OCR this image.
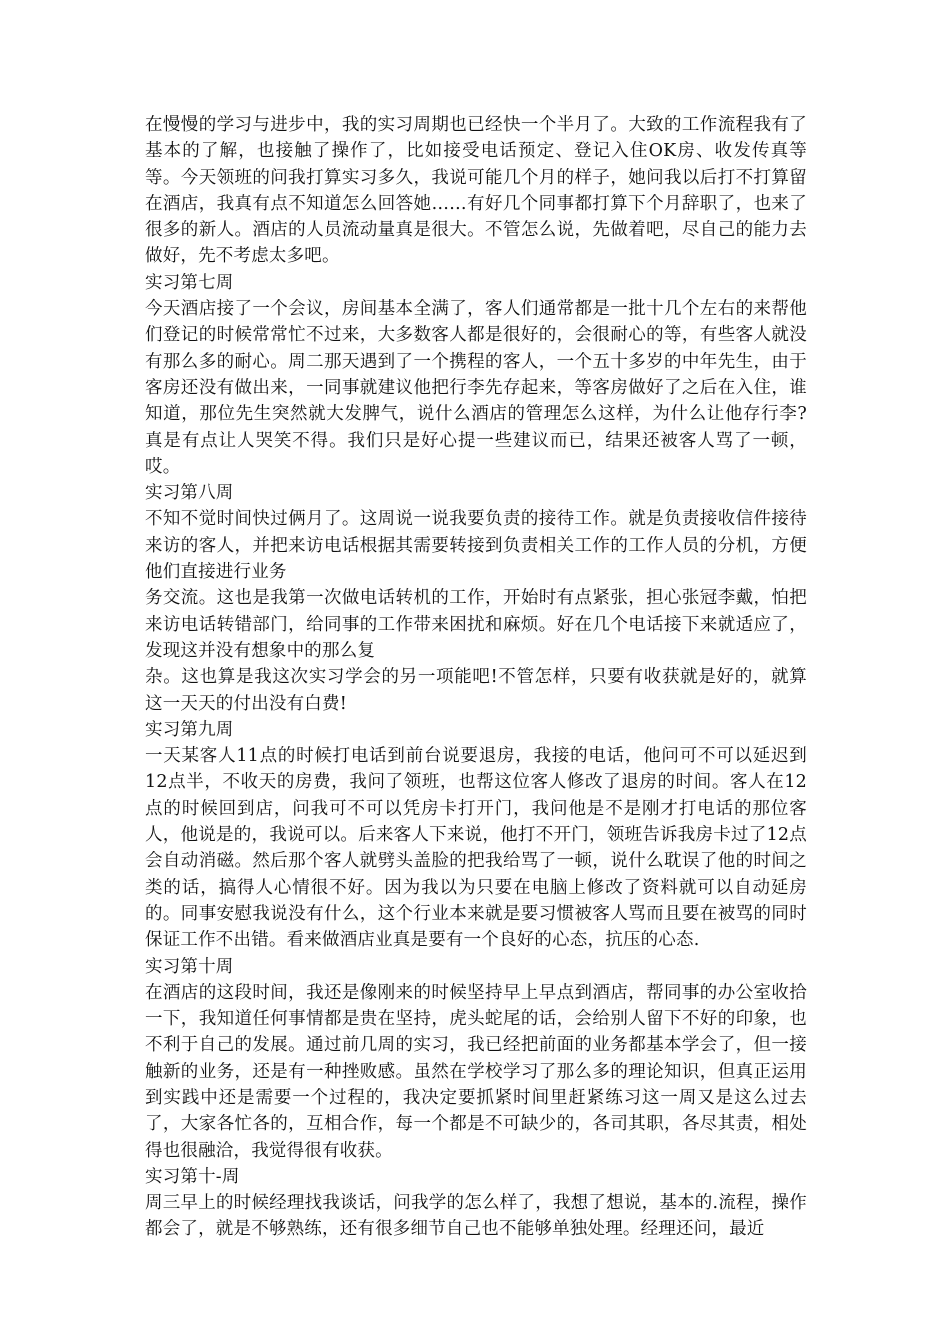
在慢慢的学习与进步中，我的实习周期也已经快一个半月了。大致的工作流程我有了基本的了解，也接触了操作了，比如接受电话预定、登记入住OK房、收发传真等等。今天领班的问我打算实习多久，我说可能几个月的样子，她问我以后打不打算留在酒店，我真有点不知道怎么回答她……有好几个同事都打算下个月辞职了，也来了很多的新人。酒店的人员流动量真是很大。不管怎么说，先做着吧，尽自己的能力去做好，先不考虑太多吧。

实习第七周

今天酒店接了一个会议，房间基本全满了，客人们通常都是一批十几个左右的来帮他们登记的时候常常忙不过来，大多数客人都是很好的，会很耐心的等，有些客人就没有那么多的耐心。周二那天遇到了一个携程的客人，一个五十多岁的中年先生，由于客房还没有做出来，一同事就建议他把行李先存起来，等客房做好了之后在入住，谁知道，那位先生突然就大发脾气，说什么酒店的管理怎么这样，为什么让他存行李?真是有点让人哭笑不得。我们只是好心提一些建议而已，结果还被客人骂了一顿，哎。

实习第八周

不知不觉时间快过俩月了。这周说一说我要负责的接待工作。就是负责接收信件接待来访的客人，并把来访电话根据其需要转接到负责相关工作的工作人员的分机，方便他们直接进行业务

务交流。这也是我第一次做电话转机的工作，开始时有点紧张，担心张冠李戴，怕把来访电话转错部门，给同事的工作带来困扰和麻烦。好在几个电话接下来就适应了，发现这并没有想象中的那么复

杂。这也算是我这次实习学会的另一项能吧!不管怎样，只要有收获就是好的，就算这一天天的付出没有白费!

实习第九周

一天某客人11点的时候打电话到前台说要退房，我接的电话，他问可不可以延迟到12点半，不收天的房费，我问了领班，也帮这位客人修改了退房的时间。客人在12点的时候回到店，问我可不可以凭房卡打开门，我问他是不是刚才打电话的那位客人，他说是的，我说可以。后来客人下来说，他打不开门，领班告诉我房卡过了12点会自动消磁。然后那个客人就劈头盖脸的把我给骂了一顿，说什么耽误了他的时间之类的话，搞得人心情很不好。因为我以为只要在电脑上修改了资料就可以自动延房的。同事安慰我说没有什么，这个行业本来就是要习惯被客人骂而且要在被骂的同时保证工作不出错。看来做酒店业真是要有一个良好的心态，抗压的心态.

实习第十周

在酒店的这段时间，我还是像刚来的时候坚持早上早点到酒店，帮同事的办公室收拾一下，我知道任何事情都是贵在坚持，虎头蛇尾的话，会给别人留下不好的印象，也不利于自己的发展。通过前几周的实习，我已经把前面的业务都基本学会了，但一接触新的业务，还是有一种挫败感。虽然在学校学习了那么多的理论知识，但真正运用到实践中还是需要一个过程的，我决定要抓紧时间里赶紧练习这一周又是这么过去了，大家各忙各的，互相合作，每一个都是不可缺少的，各司其职，各尽其责，相处得也很融洽，我觉得很有收获。

实习第十-周

周三早上的时候经理找我谈话，问我学的怎么样了，我想了想说，基本的.流程，操作都会了，就是不够熟练，还有很多细节自己也不能够单独处理。经理还问，最近
